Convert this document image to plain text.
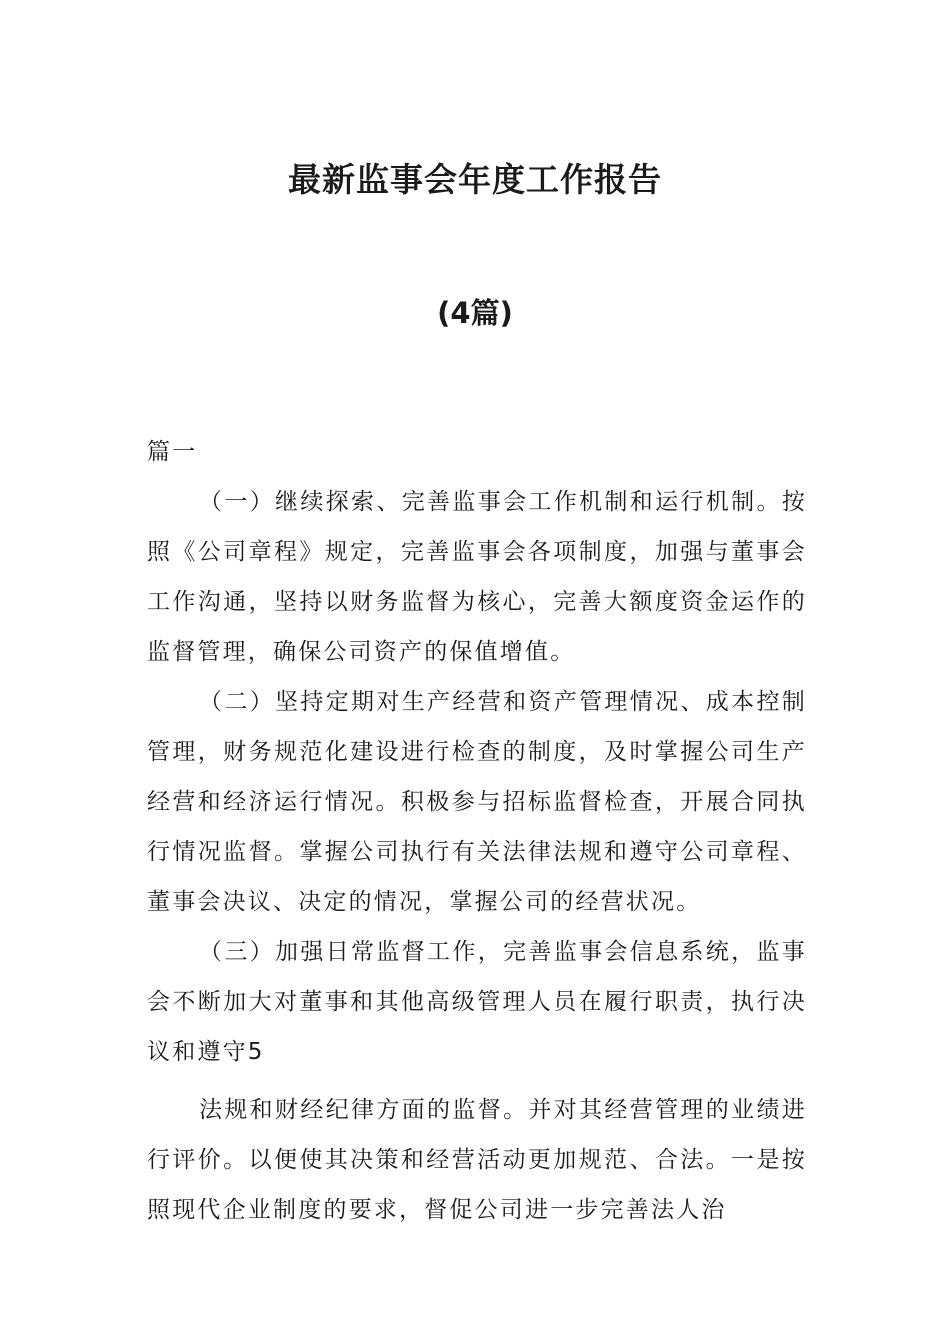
最新监事会年度工作报告
(4篇)

篇一

（一）继续探索、完善监事会工作机制和运行机制。按照《公司章程》规定，完善监事会各项制度，加强与董事会工作沟通，坚持以财务监督为核心，完善大额度资金运作的监督管理，确保公司资产的保值增值。

（二）坚持定期对生产经营和资产管理情况、成本控制管理，财务规范化建设进行检查的制度，及时掌握公司生产经营和经济运行情况。积极参与招标监督检查，开展合同执行情况监督。掌握公司执行有关法律法规和遵守公司章程、董事会决议、决定的情况，掌握公司的经营状况。

（三）加强日常监督工作，完善监事会信息系统，监事会不断加大对董事和其他高级管理人员在履行职责，执行决议和遵守5

法规和财经纪律方面的监督。并对其经营管理的业绩进行评价。以便使其决策和经营活动更加规范、合法。一是按照现代企业制度的要求，督促公司进一步完善法人治
